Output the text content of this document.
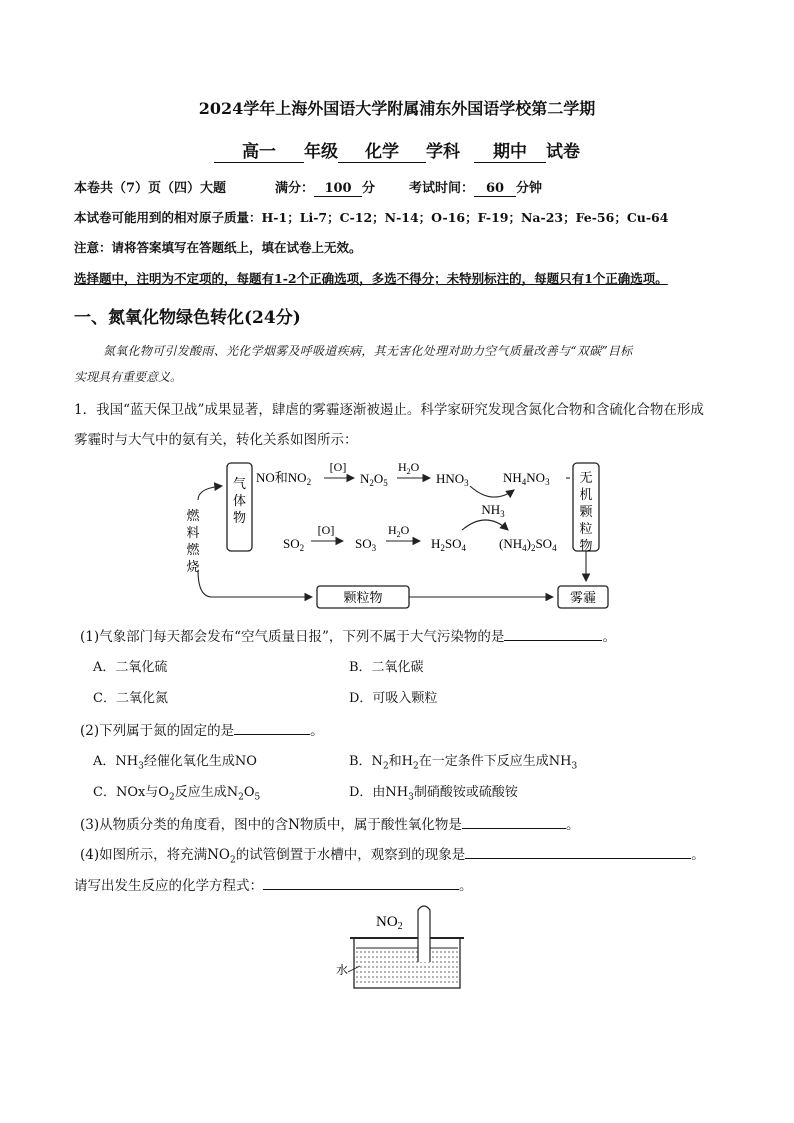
2024学年上海外国语大学附属浦东外国语学校第二学期
高一 年级 化学 学科 期中 试卷
本卷共（7）页（四）大题	满分： 100 分	考试时间： 60 分钟
本试卷可能用到的相对原子质量：H-1；Li-7；C-12；N-14；O-16；F-19；Na-23；Fe-56；Cu-64
注意：请将答案填写在答题纸上，填在试卷上无效。
选择题中，注明为不定项的，每题有1-2个正确选项，多选不得分；未特别标注的，每题只有1个正确选项。
一、氮氧化物绿色转化(24分)
氮氧化物可引发酸雨、光化学烟雾及呼吸道疾病，其无害化处理对助力空气质量改善与“双碳”目标
实现具有重要意义。
1．我国“蓝天保卫战”成果显著，肆虐的雾霾逐渐被遏止。科学家研究发现含氮化合物和含硫化合物在形成
雾霾时与大气中的氨有关，转化关系如图所示：
气体物
无机颗粒物
颗粒物	雾霾
燃料燃烧
NO和$NO_2$
[O]
$N_2O_5$
$H_2O$
$HNO_3$	$NH_4NO_3$
$NH_3$
$SO_2$
[O]
$SO_3$
$H_2O$
$H_2SO_4$	$(NH_4)_2SO_4$
(1)气象部门每天都会发布“空气质量日报”，下列不属于大气污染物的是	。
A．二氧化硫	B．二氧化碳
C．二氧化氮	D．可吸入颗粒
(2)下列属于氮的固定的是	。
A．$NH_3$经催化氧化生成NO	B．$N_2$和$H_2$在一定条件下反应生成$NH_3$
C．NOx与$O_2$反应生成$N_2O_5$	D．由$NH_3$制硝酸铵或硫酸铵
(3)从物质分类的角度看，图中的含N物质中，属于酸性氧化物是	。
(4)如图所示，将充满$NO_2$的试管倒置于水槽中，观察到的现象是	。
请写出发生反应的化学方程式：	。
$NO_2$
水
